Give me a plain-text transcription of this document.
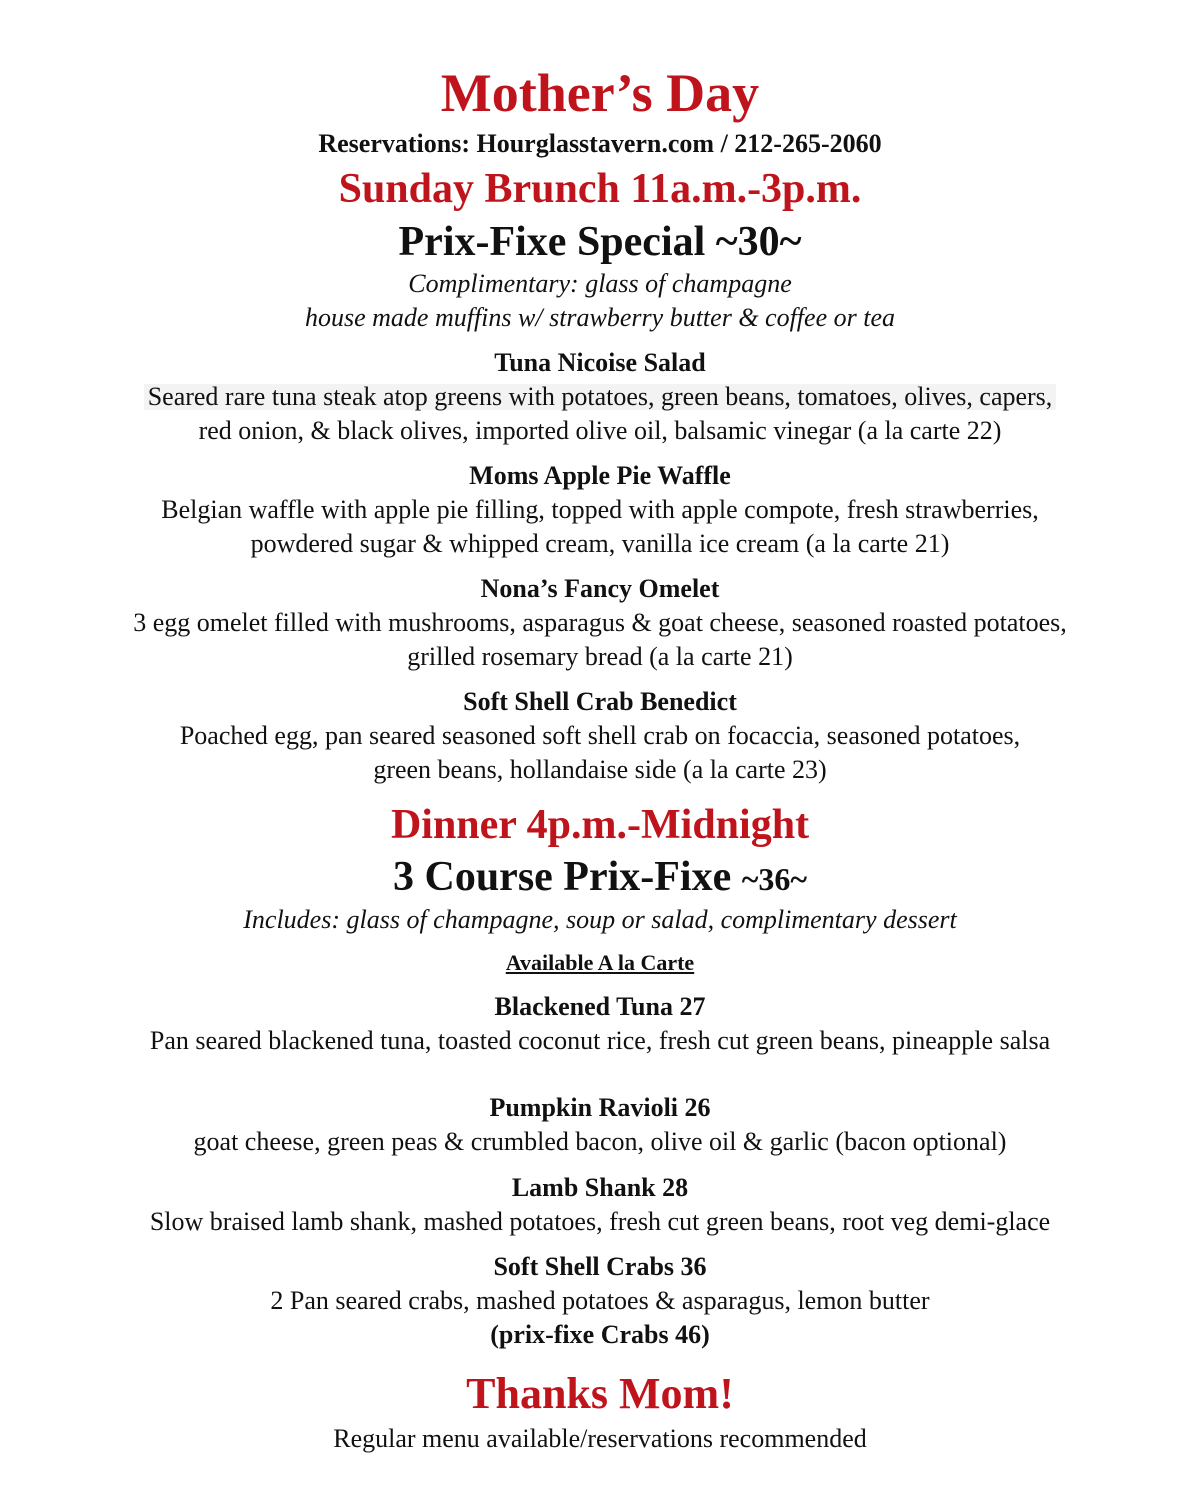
Mother’s Day
Reservations: Hourglasstavern.com / 212-265-2060
Sunday Brunch 11a.m.-3p.m.
Prix-Fixe Special ~30~
Complimentary: glass of champagne
house made muffins w/ strawberry butter & coffee or tea
Tuna Nicoise Salad
Seared rare tuna steak atop greens with potatoes, green beans, tomatoes, olives, capers,
red onion, & black olives, imported olive oil, balsamic vinegar (a la carte 22)
Moms Apple Pie Waffle
Belgian waffle with apple pie filling, topped with apple compote, fresh strawberries,
powdered sugar & whipped cream, vanilla ice cream (a la carte 21)
Nona’s Fancy Omelet
3 egg omelet filled with mushrooms, asparagus & goat cheese, seasoned roasted potatoes,
grilled rosemary bread (a la carte 21)
Soft Shell Crab Benedict
Poached egg, pan seared seasoned soft shell crab on focaccia, seasoned potatoes,
green beans, hollandaise side (a la carte 23)
Dinner 4p.m.-Midnight
3 Course Prix-Fixe ~36~
Includes: glass of champagne, soup or salad, complimentary dessert
Available A la Carte
Blackened Tuna 27
Pan seared blackened tuna, toasted coconut rice, fresh cut green beans, pineapple salsa
Pumpkin Ravioli 26
goat cheese, green peas & crumbled bacon, olive oil & garlic (bacon optional)
Lamb Shank 28
Slow braised lamb shank, mashed potatoes, fresh cut green beans, root veg demi-glace
Soft Shell Crabs 36
2 Pan seared crabs, mashed potatoes & asparagus, lemon butter
(prix-fixe Crabs 46)
Thanks Mom!
Regular menu available/reservations recommended
